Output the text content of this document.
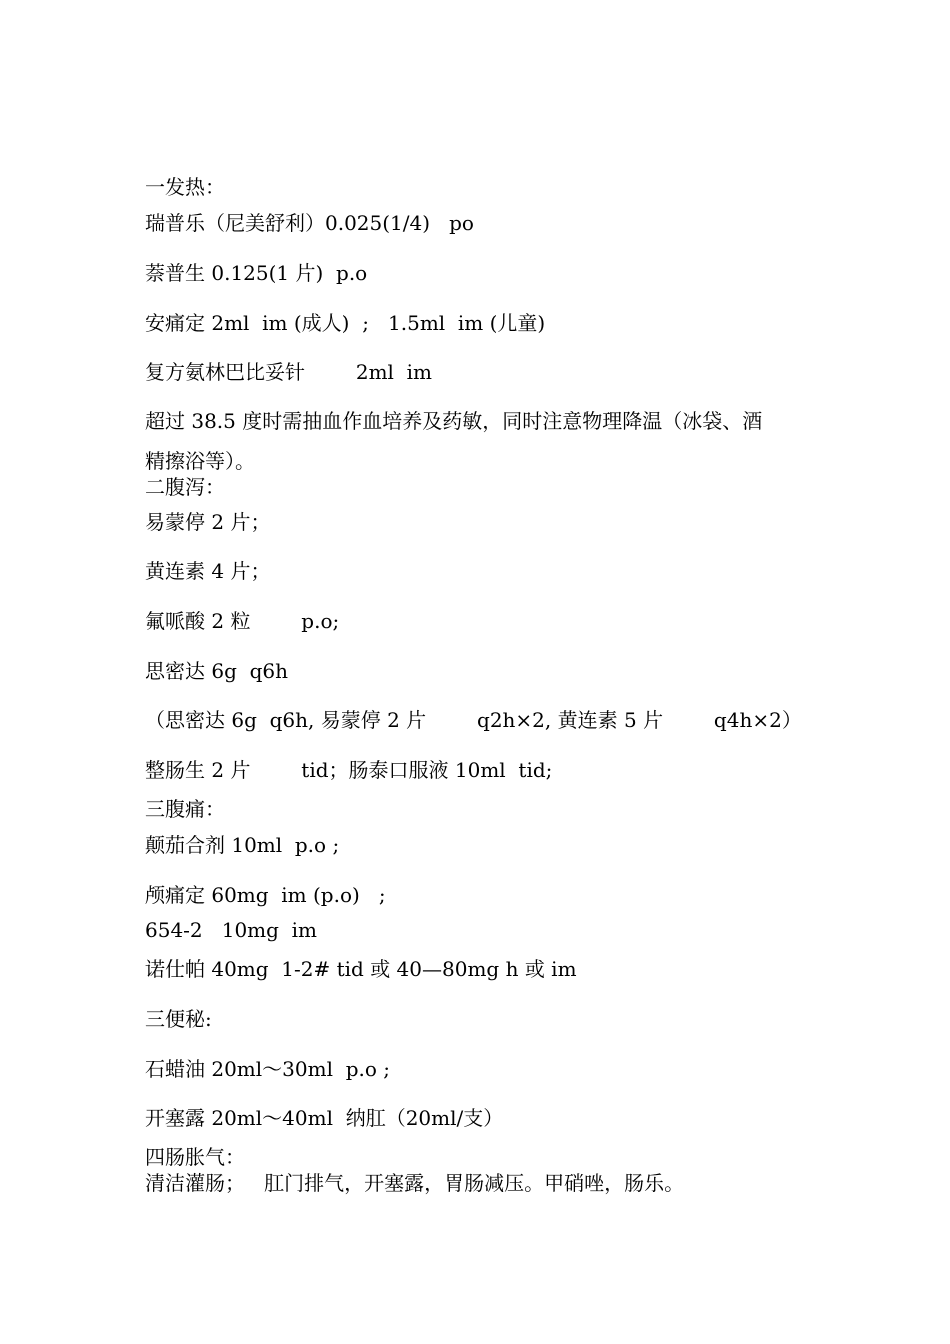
一发热：
瑞普乐（尼美舒利）0.025(1/4)   po
萘普生 0.125(1 片)  p.o
安痛定 2ml  im (成人)  ;   1.5ml  im (儿童)
复方氨林巴比妥针        2ml  im
超过 38.5 度时需抽血作血培养及药敏，同时注意物理降温（冰袋、酒
精擦浴等）。
二腹泻：
易蒙停 2 片；
黄连素 4 片；
氟哌酸 2 粒        p.o;
思密达 6g  q6h
（思密达 6g  q6h, 易蒙停 2 片        q2h×2, 黄连素 5 片        q4h×2）
整肠生 2 片        tid；肠泰口服液 10ml  tid;
三腹痛：
颠茄合剂 10ml  p.o ;
颅痛定 60mg  im (p.o)   ;
654-2   10mg  im
诺仕帕 40mg  1-2# tid 或 40—80mg h 或 im
三便秘:
石蜡油 20ml～30ml  p.o ;
开塞露 20ml～40ml  纳肛（20ml/支）
四肠胀气：
清洁灌肠；   肛门排气，开塞露，胃肠减压。甲硝唑，肠乐。
